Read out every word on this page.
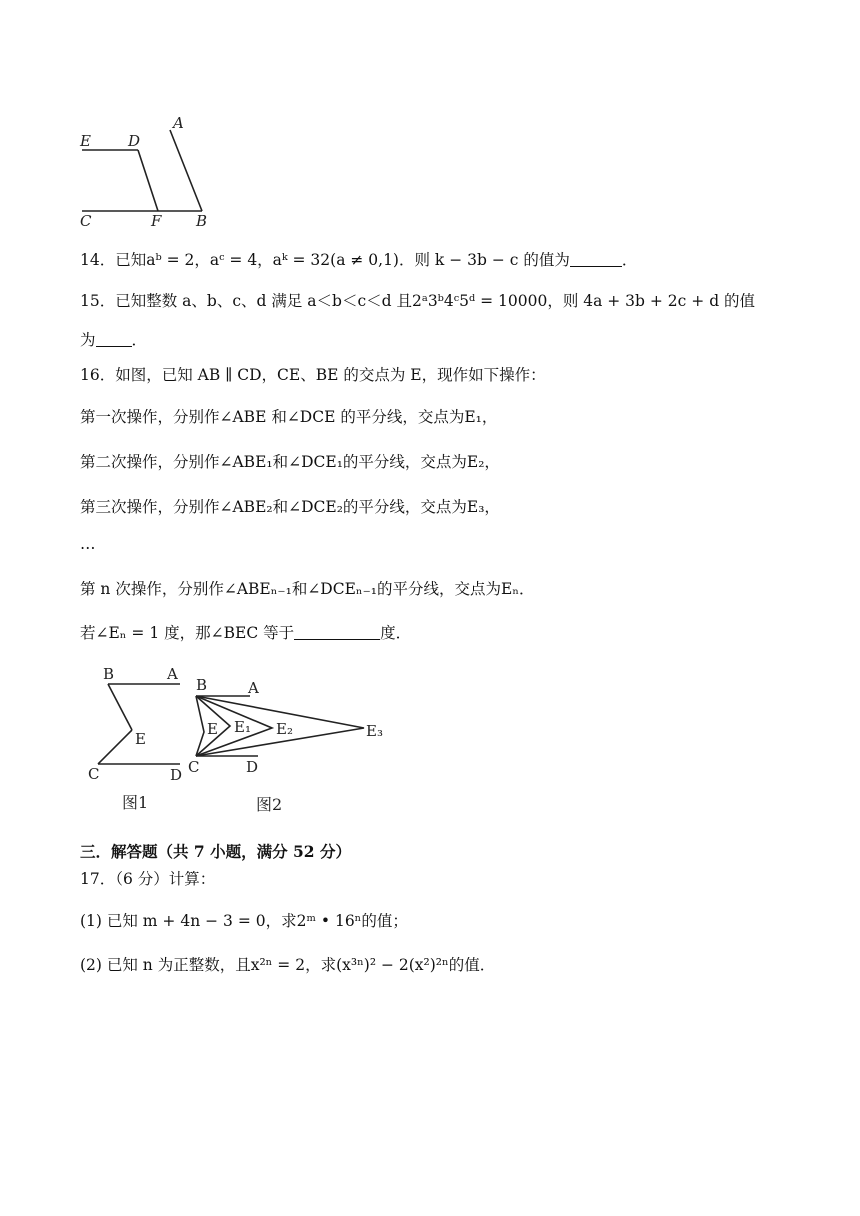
E D
A
C	F B
14．已知aᵇ = 2，aᶜ = 4，aᵏ = 32(a ≠ 0,1)．则 k − 3b − c 的值为	．
15．已知整数 a、b、c、d 满足 a＜b＜c＜d 且2ᵃ3ᵇ4ᶜ5ᵈ = 10000，则 4a + 3b + 2c + d 的值
为 ．
16．如图，已知 AB ∥ CD，CE、BE 的交点为 E，现作如下操作：
第一次操作，分别作∠ABE 和∠DCE 的平分线，交点为E₁，
第二次操作，分别作∠ABE₁和∠DCE₁的平分线，交点为E₂，
第三次操作，分别作∠ABE₂和∠DCE₂的平分线，交点为E₃，
…
第 n 次操作，分别作∠ABEₙ₋₁和∠DCEₙ₋₁的平分线，交点为Eₙ．
若∠Eₙ = 1 度，那∠BEC 等于	度．
B	A
E
C	D
图1
B	A
E E₁ E₂	E₃
C	D
图2
三．解答题（共 7 小题，满分 52 分）
17．（6 分）计算：
(1) 已知 m + 4n − 3 = 0，求2ᵐ • 16ⁿ的值；
(2) 已知 n 为正整数，且x²ⁿ = 2，求(x³ⁿ)² − 2(x²)²ⁿ的值．
